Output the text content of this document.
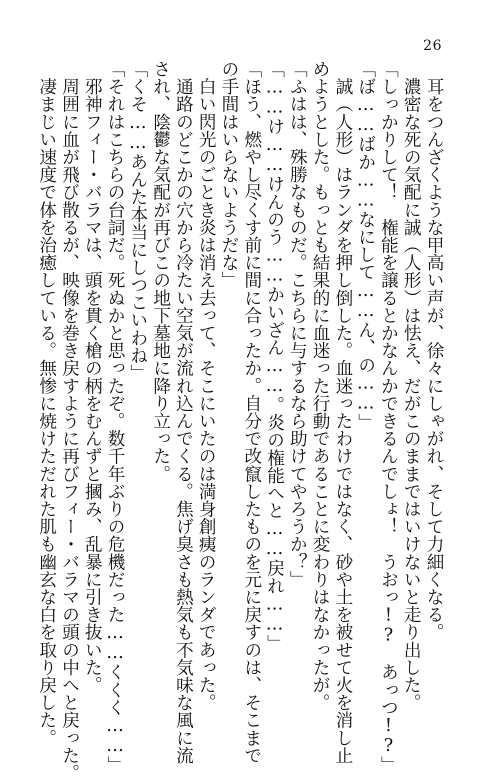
26
　耳をつんざくような甲高い声が、徐々にしゃがれ、そして力細くなる。
　濃密な死の気配に誠（人形）は怯え、だがこのままではいけないと走り出した。
「しっかりして！　権能を譲るとかなんかできるんでしょ！　うおっ!?　あっつ!?」
「ば……ばか……なにして……ん、の……」
　誠（人形）はランダを押し倒した。血迷ったわけではなく、砂や土を被せて火を消し止
めようとした。もっとも結果的に血迷った行動であることに変わりはなかったが。
「ふはは、殊勝なものだ。こちらに与するなら助けてやろうか？」
「……け……けんのう……かいざん……。炎の権能へと……戻れ……」
「ほう、燃やし尽くす前に間に合ったか。自分で改竄したものを元に戻すのは、そこまで
の手間はいらないようだな」
　白い閃光のごとき炎は消え去って、そこにいたのは満身創痍のランダであった。
　通路のどこかの穴から冷たい空気が流れ込んでくる。焦げ臭さも熱気も不気味な風に流
され、陰鬱な気配が再びこの地下墓地に降り立った。
「くそ……あんた本当にしつこいわね」
「それはこちらの台詞だ。死ぬかと思ったぞ。数千年ぶりの危機だった……くくく……」
　邪神フィー・バラマは、頭を貫く槍の柄をむんずと摑み、乱暴に引き抜いた。
　周囲に血が飛び散るが、映像を巻き戻すように再びフィー・バラマの頭の中へと戻った。
　凄まじい速度で体を治癒している。無惨に焼けただれた肌も幽玄な白を取り戻した。
